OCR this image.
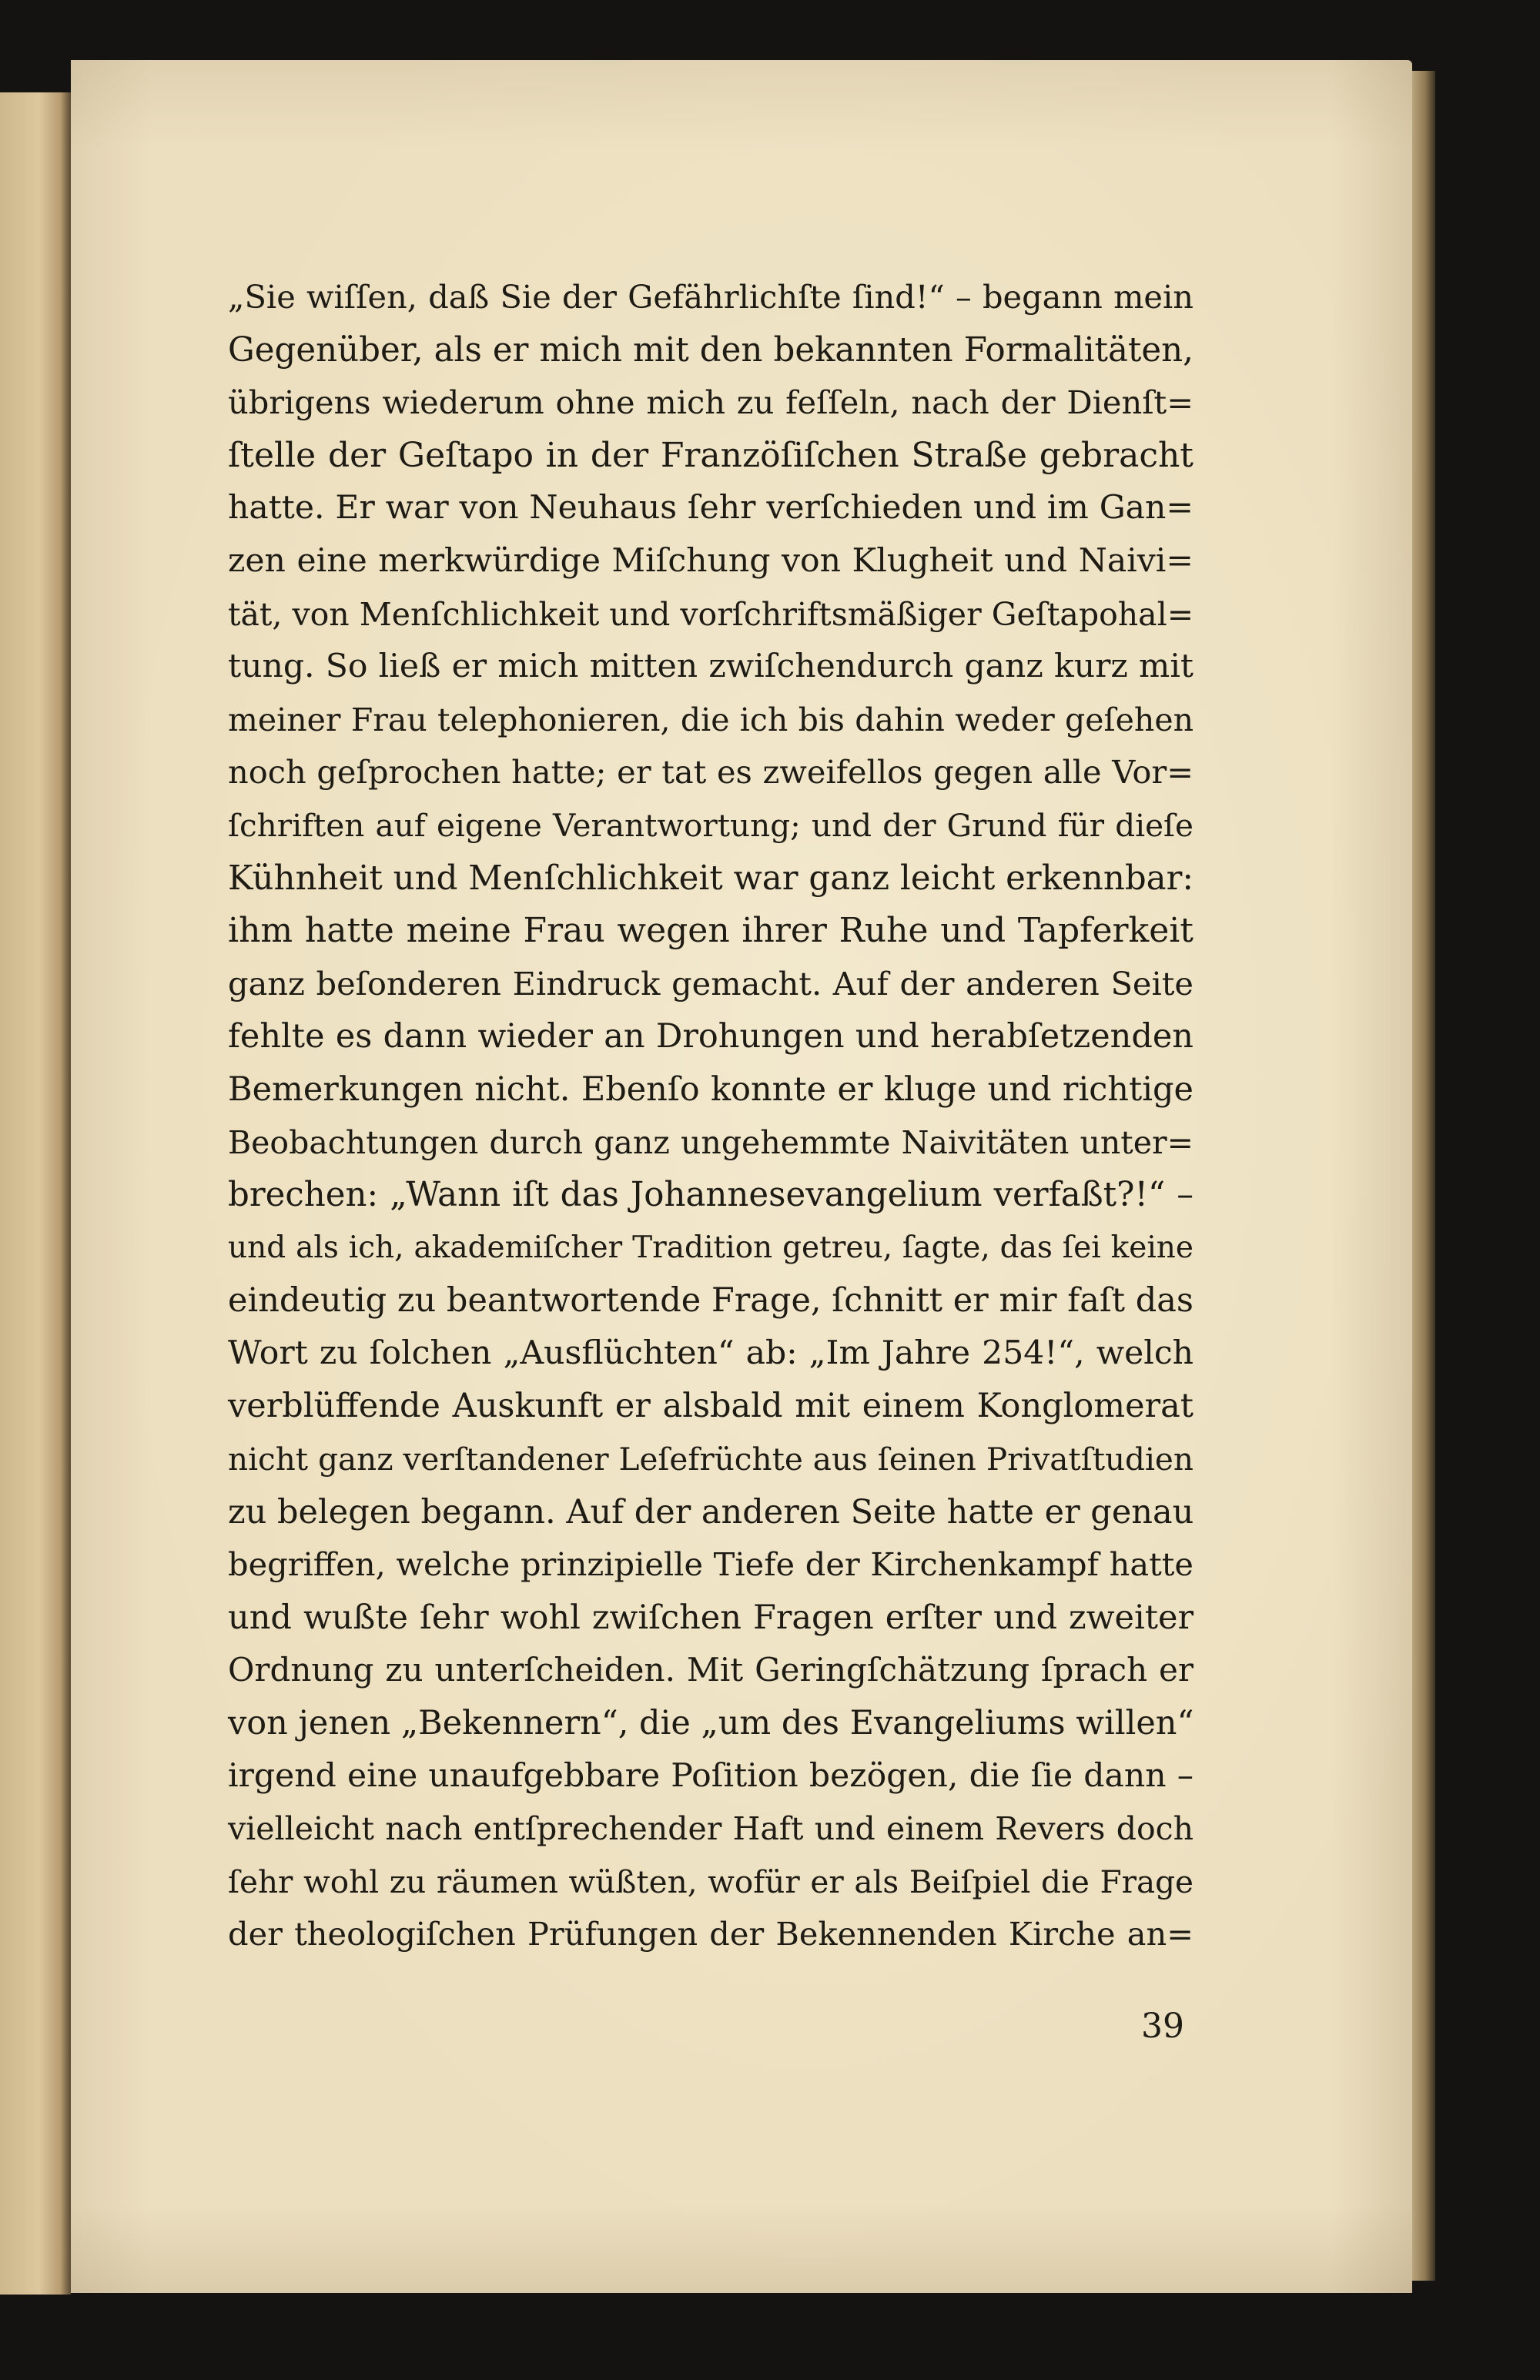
„Sie wiſſen, daß Sie der Gefährlichſte ſind!“ – begann mein
Gegenüber, als er mich mit den bekannten Formalitäten,
übrigens wiederum ohne mich zu feſſeln, nach der Dienſt=
ſtelle der Geſtapo in der Franzöſiſchen Straße gebracht
hatte. Er war von Neuhaus ſehr verſchieden und im Gan=
zen eine merkwürdige Miſchung von Klugheit und Naivi=
tät, von Menſchlichkeit und vorſchriftsmäßiger Geſtapohal=
tung. So ließ er mich mitten zwiſchendurch ganz kurz mit
meiner Frau telephonieren, die ich bis dahin weder geſehen
noch geſprochen hatte; er tat es zweifellos gegen alle Vor=
ſchriften auf eigene Verantwortung; und der Grund für dieſe
Kühnheit und Menſchlichkeit war ganz leicht erkennbar:
ihm hatte meine Frau wegen ihrer Ruhe und Tapferkeit
ganz beſonderen Eindruck gemacht. Auf der anderen Seite
fehlte es dann wieder an Drohungen und herabſetzenden
Bemerkungen nicht. Ebenſo konnte er kluge und richtige
Beobachtungen durch ganz ungehemmte Naivitäten unter=
brechen: „Wann iſt das Johannesevangelium verfaßt?!“ –
und als ich, akademiſcher Tradition getreu, ſagte, das ſei keine
eindeutig zu beantwortende Frage, ſchnitt er mir faſt das
Wort zu ſolchen „Ausflüchten“ ab: „Im Jahre 254!“, welch
verblüffende Auskunft er alsbald mit einem Konglomerat
nicht ganz verſtandener Leſefrüchte aus ſeinen Privatſtudien
zu belegen begann. Auf der anderen Seite hatte er genau
begriffen, welche prinzipielle Tiefe der Kirchenkampf hatte
und wußte ſehr wohl zwiſchen Fragen erſter und zweiter
Ordnung zu unterſcheiden. Mit Geringſchätzung ſprach er
von jenen „Bekennern“, die „um des Evangeliums willen“
irgend eine unaufgebbare Poſition bezögen, die ſie dann –
vielleicht nach entſprechender Haft und einem Revers doch
ſehr wohl zu räumen wüßten, wofür er als Beiſpiel die Frage
der theologiſchen Prüfungen der Bekennenden Kirche an=
39
